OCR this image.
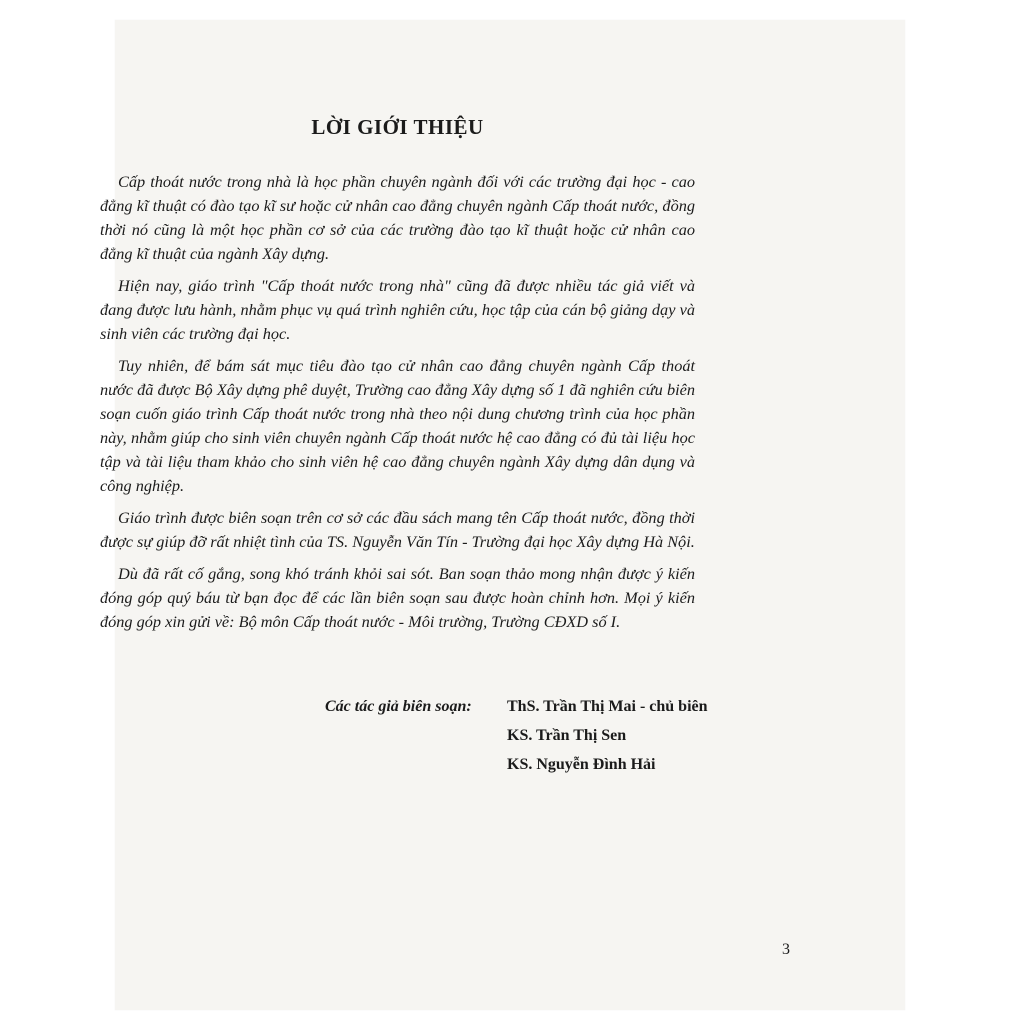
LỜI GIỚI THIỆU

Cấp thoát nước trong nhà là học phần chuyên ngành đối với các trường đại học - cao đẳng kĩ thuật có đào tạo kĩ sư hoặc cử nhân cao đẳng chuyên ngành Cấp thoát nước, đồng thời nó cũng là một học phần cơ sở của các trường đào tạo kĩ thuật hoặc cử nhân cao đẳng kĩ thuật của ngành Xây dựng.

Hiện nay, giáo trình "Cấp thoát nước trong nhà" cũng đã được nhiều tác giả viết và đang được lưu hành, nhằm phục vụ quá trình nghiên cứu, học tập của cán bộ giảng dạy và sinh viên các trường đại học.

Tuy nhiên, để bám sát mục tiêu đào tạo cử nhân cao đẳng chuyên ngành Cấp thoát nước đã được Bộ Xây dựng phê duyệt, Trường cao đẳng Xây dựng số 1 đã nghiên cứu biên soạn cuốn giáo trình Cấp thoát nước trong nhà theo nội dung chương trình của học phần này, nhằm giúp cho sinh viên chuyên ngành Cấp thoát nước hệ cao đẳng có đủ tài liệu học tập và tài liệu tham khảo cho sinh viên hệ cao đẳng chuyên ngành Xây dựng dân dụng và công nghiệp.

Giáo trình được biên soạn trên cơ sở các đầu sách mang tên Cấp thoát nước, đồng thời được sự giúp đỡ rất nhiệt tình của TS. Nguyễn Văn Tín - Trường đại học Xây dựng Hà Nội.

Dù đã rất cố gắng, song khó tránh khỏi sai sót. Ban soạn thảo mong nhận được ý kiến đóng góp quý báu từ bạn đọc để các lần biên soạn sau được hoàn chỉnh hơn. Mọi ý kiến đóng góp xin gửi về: Bộ môn Cấp thoát nước - Môi trường, Trường CĐXD số I.

Các tác giả biên soạn: ThS. Trần Thị Mai - chủ biên
KS. Trần Thị Sen
KS. Nguyễn Đình Hải
3
